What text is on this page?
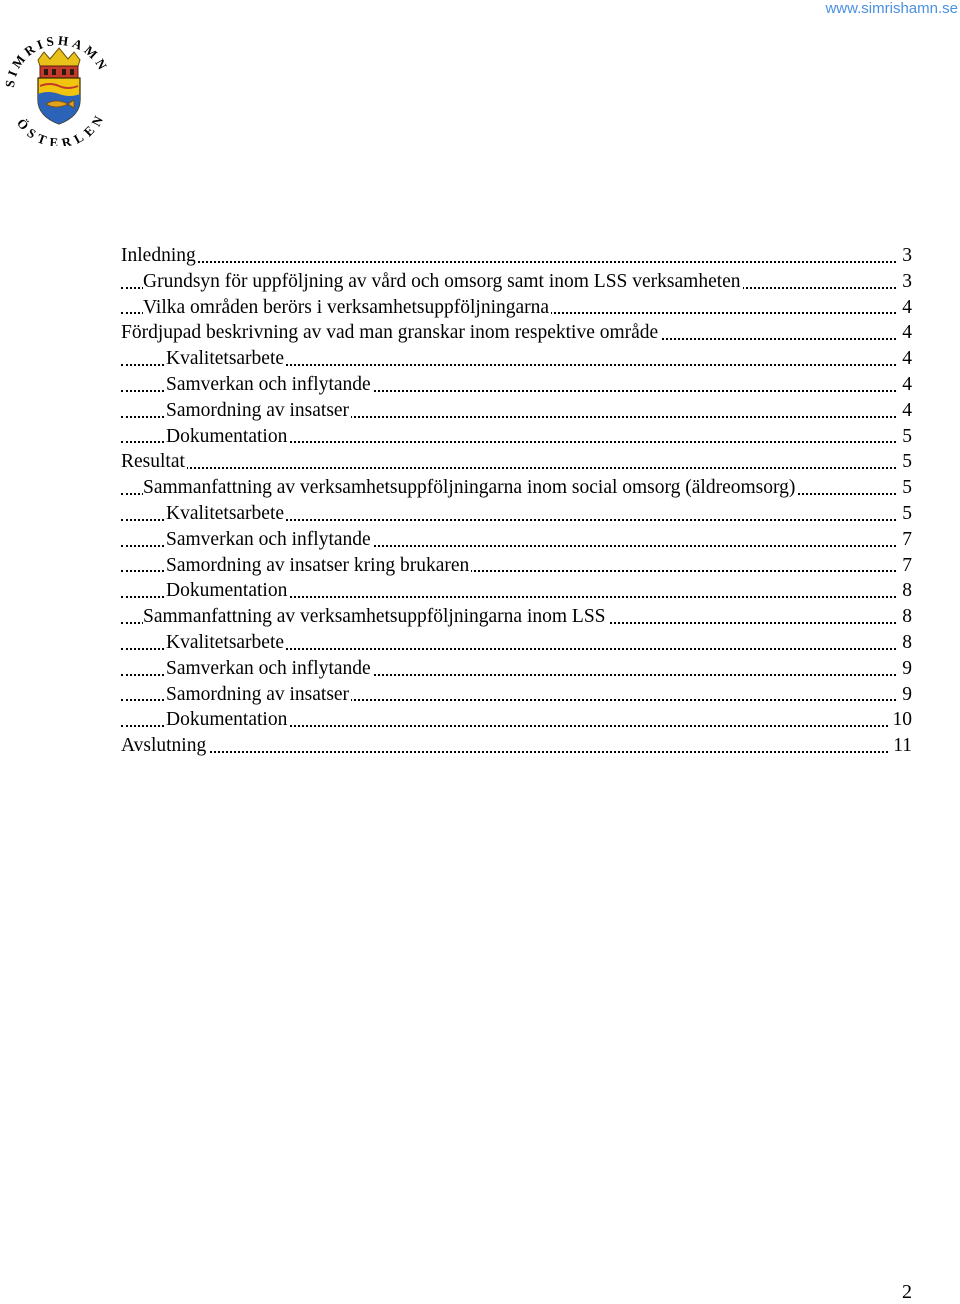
www.simrishamn.se
SIMRISHAMN
ÖSTERLEN
Inledning	3
Grundsyn för uppföljning av vård och omsorg samt inom LSS verksamheten	3
Vilka områden berörs i verksamhetsuppföljningarna	4
Fördjupad beskrivning av vad man granskar inom respektive område	4
Kvalitetsarbete	4
Samverkan och inflytande	4
Samordning av insatser	4
Dokumentation	5
Resultat	5
Sammanfattning av verksamhetsuppföljningarna inom social omsorg (äldreomsorg)	5
Kvalitetsarbete	5
Samverkan och inflytande	7
Samordning av insatser kring brukaren	7
Dokumentation	8
Sammanfattning av verksamhetsuppföljningarna inom LSS	8
Kvalitetsarbete	8
Samverkan och inflytande	9
Samordning av insatser	9
Dokumentation	10
Avslutning	11
2
